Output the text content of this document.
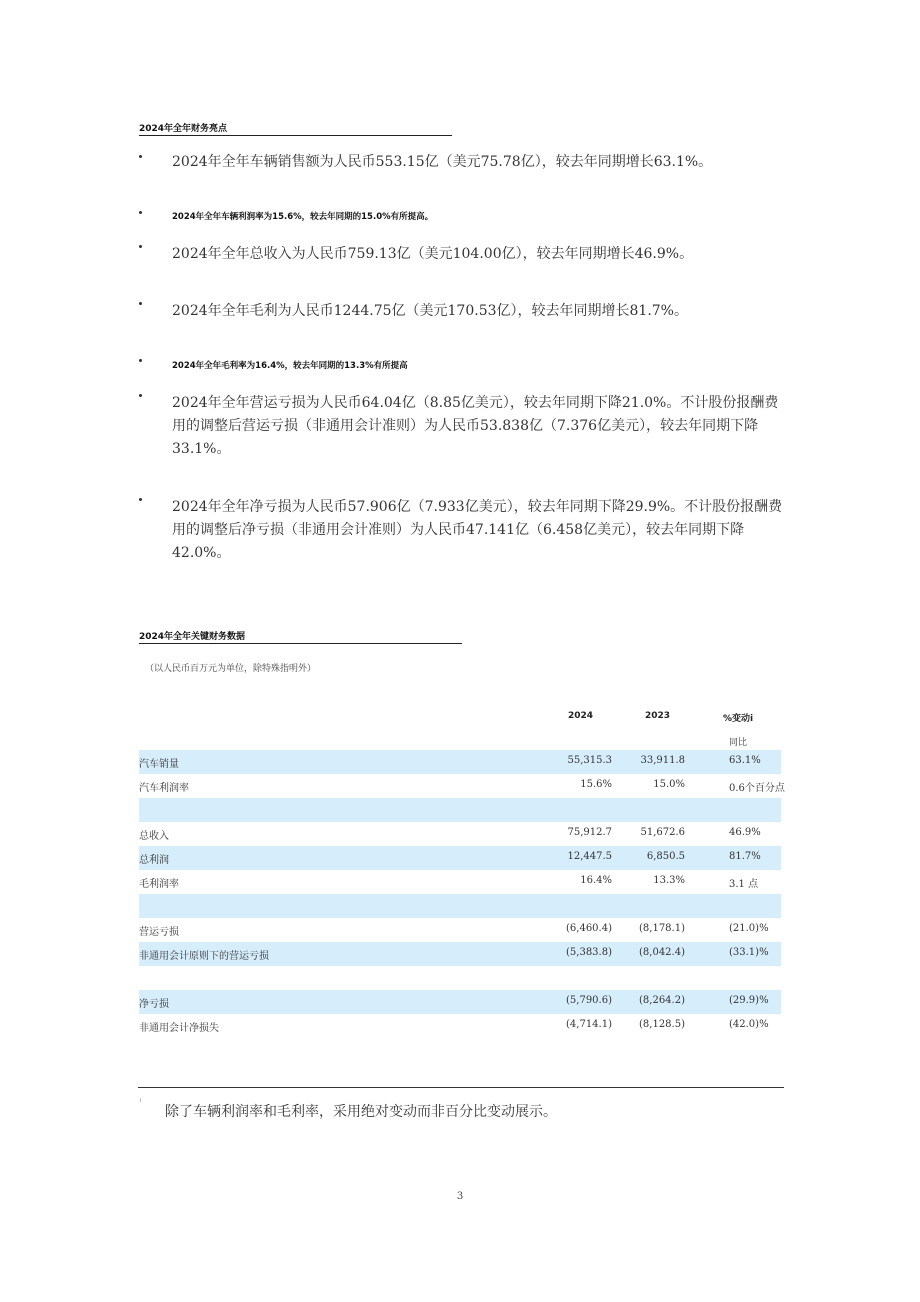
2024年全年财务亮点
2024年全年车辆销售额为人民币553.15亿（美元75.78亿），较去年同期增长63.1%。
2024年全年车辆利润率为15.6%，较去年同期的15.0%有所提高。
2024年全年总收入为人民币759.13亿（美元104.00亿），较去年同期增长46.9%。
2024年全年毛利为人民币1244.75亿（美元170.53亿），较去年同期增长81.7%。
2024年全年毛利率为16.4%，较去年同期的13.3%有所提高
2024年全年营运亏损为人民币64.04亿（8.85亿美元），较去年同期下降21.0%。不计股份报酬费用的调整后营运亏损（非通用会计准则）为人民币53.838亿（7.376亿美元），较去年同期下降33.1%。
2024年全年净亏损为人民币57.906亿（7.933亿美元），较去年同期下降29.9%。不计股份报酬费用的调整后净亏损（非通用会计准则）为人民币47.141亿（6.458亿美元），较去年同期下降42.0%。
2024年全年关键财务数据
（以人民币百万元为单位，除特殊指明外）
2024	2023	%变动i
同比
汽车销量	55,315.3	33,911.8	63.1%
汽车利润率	15.6%	15.0%	0.6个百分点
总收入	75,912.7	51,672.6	46.9%
总利润	12,447.5	6,850.5	81.7%
毛利润率	16.4%	13.3%	3.1 点
营运亏损	(6,460.4)	(8,178.1)	(21.0)%
非通用会计原则下的营运亏损	(5,383.8)	(8,042.4)	(33.1)%
净亏损	(5,790.6)	(8,264.2)	(29.9)%
非通用会计净损失	(4,714.1)	(8,128.5)	(42.0)%
i
除了车辆利润率和毛利率，采用绝对变动而非百分比变动展示。
3
